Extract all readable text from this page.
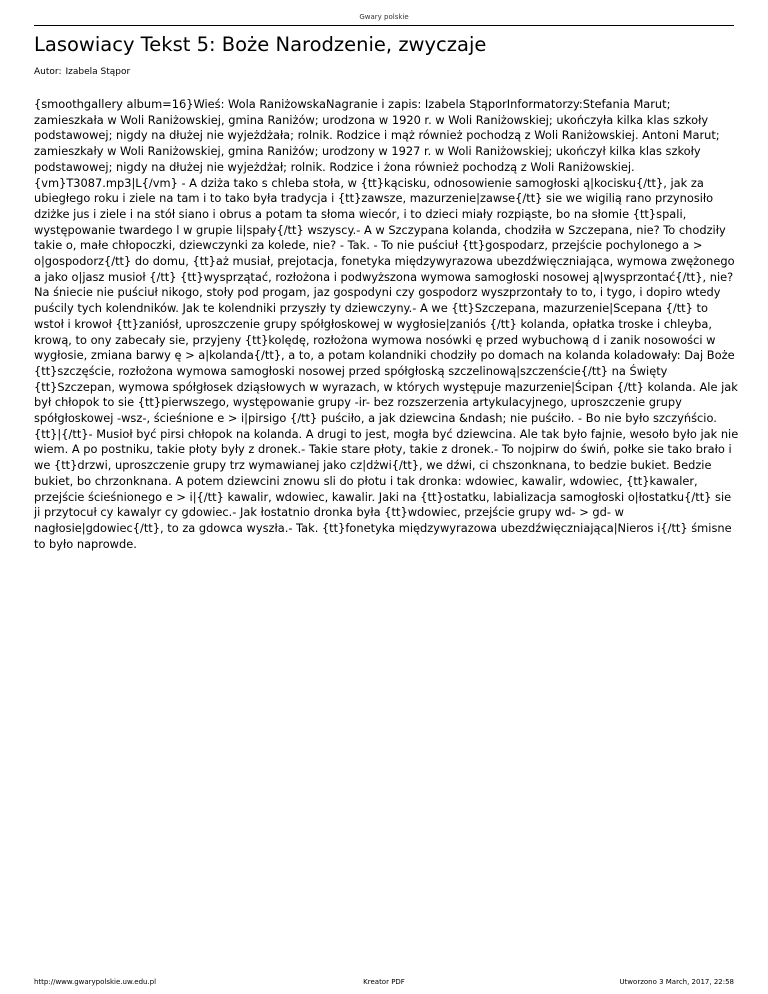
Gwary polskie
Lasowiacy Tekst 5: Boże Narodzenie, zwyczaje
Autor: Izabela Stąpor

{smoothgallery album=16}Wieś: Wola RaniżowskaNagranie i zapis: Izabela StąporInformatorzy:Stefania Marut; zamieszkała w Woli Raniżowskiej, gmina Raniżów; urodzona w 1920 r. w Woli Raniżowskiej; ukończyła kilka klas szkoły podstawowej; nigdy na dłużej nie wyjeżdżała; rolnik. Rodzice i mąż również pochodzą z Woli Raniżowskiej. Antoni Marut; zamieszkały w Woli Raniżowskiej, gmina Raniżów; urodzony w 1927 r. w Woli Raniżowskiej; ukończył kilka klas szkoły podstawowej; nigdy na dłużej nie wyjeżdżał; rolnik. Rodzice i żona również pochodzą z Woli Raniżowskiej. {vm}T3087.mp3|L{/vm} - A dziża tako s chleba stoła, w {tt}kącisku, odnosowienie samogłoski ą|kocisku{/tt}, jak za ubiegłego roku i ziele na tam i to tako była tradycja i {tt}zawsze, mazurzenie|zawse{/tt} sie we wigilią rano przynosiło dziżke jus i ziele i na stół siano i obrus a potam ta słoma wiecór, i to dzieci miały rozpiąste, bo na słomie {tt}spali, występowanie twardego l w grupie li|spały{/tt} wszyscy.- A w Szczypana kolanda, chodziła w Szczepana, nie? To chodziły takie o, małe chłopoczki, dziewczynki za kolede, nie? - Tak. - To nie puściuł {tt}gospodarz, przejście pochylonego a > o|gospodorz{/tt} do domu, {tt}aż musiał, prejotacja, fonetyka międzywyrazowa ubezdźwięczniająca, wymowa zwężonego a jako o|jasz musioł {/tt} {tt}wysprzątać, rozłożona i podwyższona wymowa samogłoski nosowej ą|wysprzontać{/tt}, nie? Na śniecie nie puściuł nikogo, stoły pod progam, jaz gospodyni czy gospodorz wyszprzontały to to, i tygo, i dopiro wtedy puścily tych kolendników. Jak te kolendniki przyszły ty dziewczyny.- A we {tt}Szczepana, mazurzenie|Scepana {/tt} to wstoł i krowoł {tt}zaniósł, uproszczenie grupy spółgłoskowej w wygłosie|zaniós {/tt} kolanda, opłatka troske i chleyba, krową, to ony zabecały sie, przyjeny {tt}kolędę, rozłożona wymowa nosówki ę przed wybuchową d i zanik nosowości w wygłosie, zmiana barwy ę > a|kolanda{/tt}, a to, a potam kolandniki chodziły po domach na kolanda koladowały: Daj Boże {tt}szczęście, rozłożona wymowa samogłoski nosowej przed spółgłoską szczelinową|szczenście{/tt} na Święty {tt}Szczepan, wymowa spółgłosek dziąsłowych w wyrazach, w których występuje mazurzenie|Ścipan {/tt} kolanda. Ale jak był chłopok to sie {tt}pierwszego, występowanie grupy -ir- bez rozszerzenia artykulacyjnego, uproszczenie grupy spółgłoskowej -wsz-, ścieśnione e > i|pirsigo {/tt} puściło, a jak dziewcina &ndash; nie puściło. - Bo nie było szczyńścio. {tt}|{/tt}- Musioł być pirsi chłopok na kolanda. A drugi to jest, mogła być dziewcina. Ale tak było fajnie, wesoło było jak nie wiem. A po postniku, takie płoty były z dronek.- Takie stare płoty, takie z dronek.- To nojpirw do świń, połke sie tako brało i we {tt}drzwi, uproszczenie grupy trz wymawianej jako cz|dżwi{/tt}, we dźwi, ci chszonknana, to bedzie bukiet. Bedzie bukiet, bo chrzonknana. A potem dziewcini znowu sli do płotu i tak dronka: wdowiec, kawalir, wdowiec, {tt}kawaler, przejście ścieśnionego e > i|{/tt} kawalir, wdowiec, kawalir. Jaki na {tt}ostatku, labializacja samogłoski o|łostatku{/tt} sie ji przytocuł cy kawalyr cy gdowiec.- Jak łostatnio dronka była {tt}wdowiec, przejście grupy wd- > gd- w nagłosie|gdowiec{/tt}, to za gdowca wyszła.- Tak. {tt}fonetyka międzywyrazowa ubezdźwięczniająca|Nieros i{/tt} śmisne to było naprowde.

http://www.gwarypolskie.uw.edu.pl	Kreator PDF	Utworzono 3 March, 2017, 22:58
